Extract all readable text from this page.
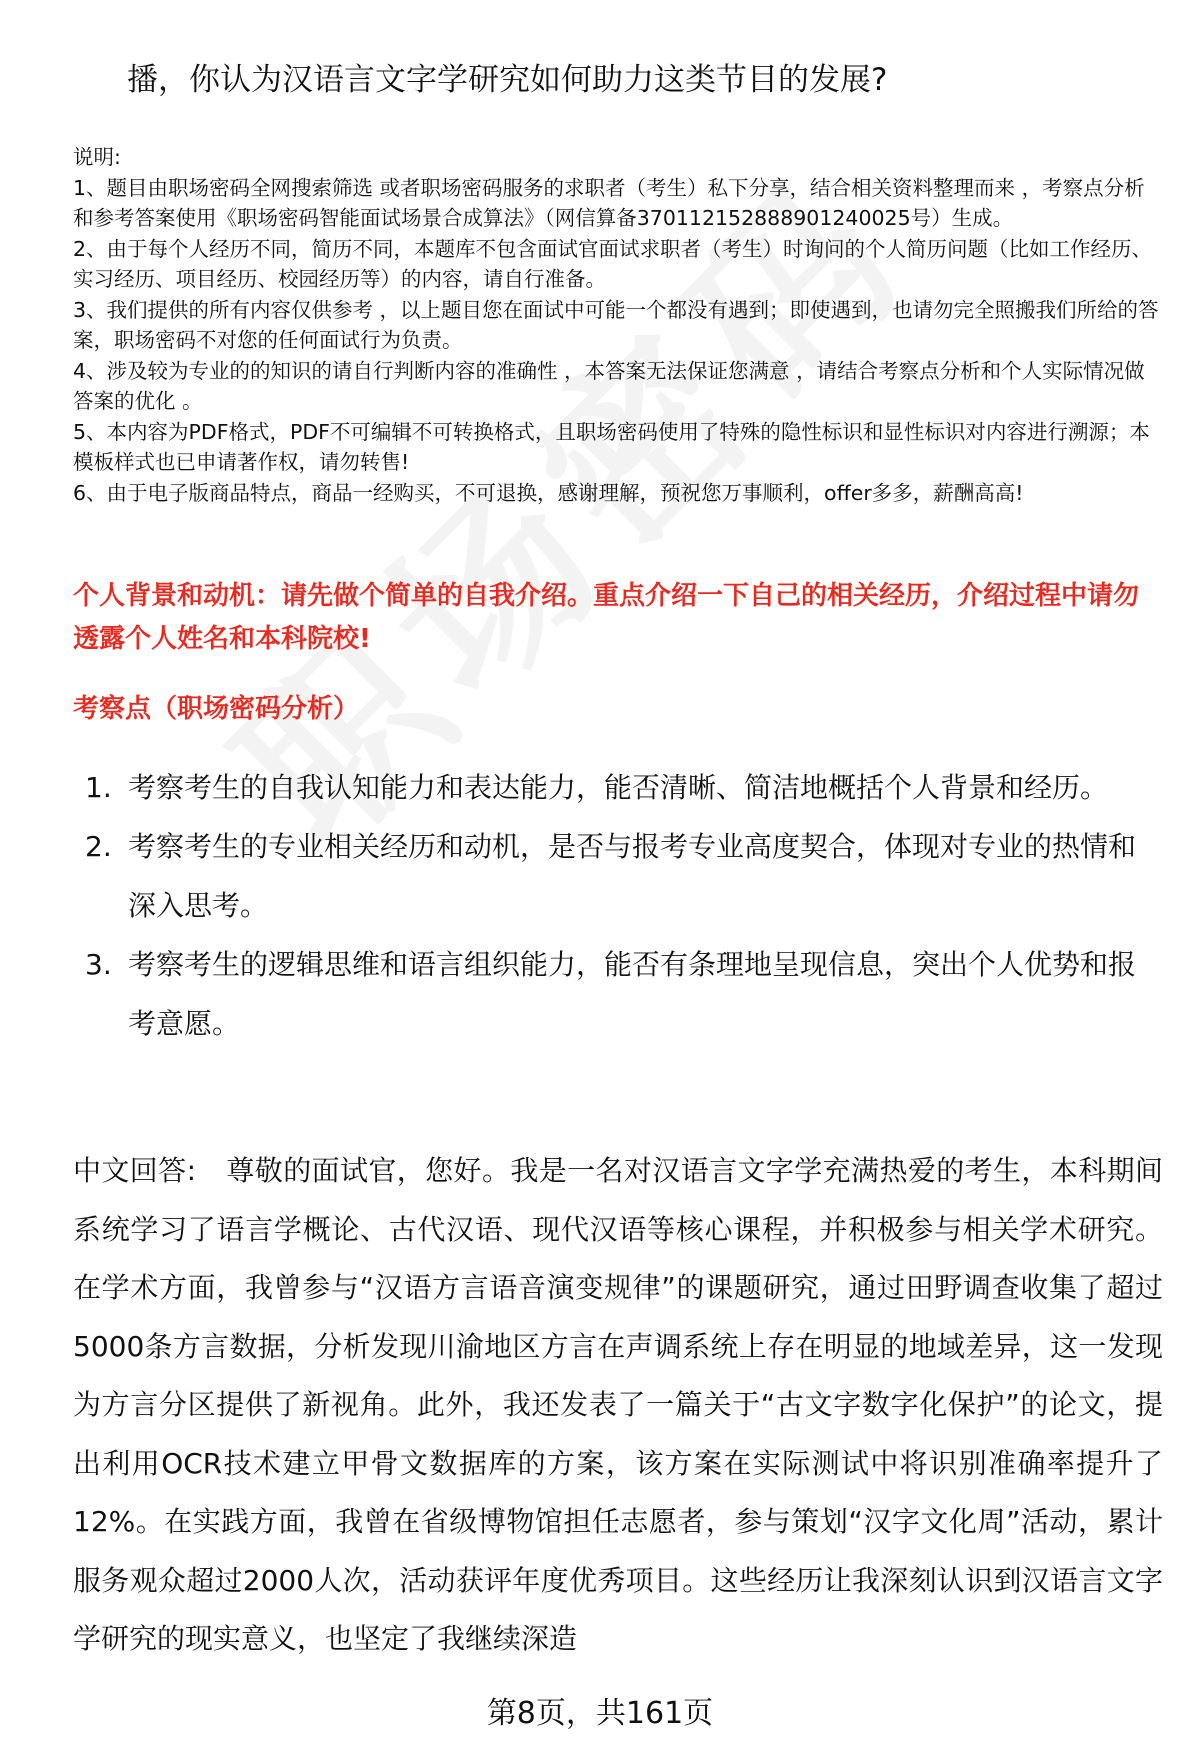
播，你认为汉语言文字学研究如何助力这类节目的发展?

说明:

1、题目由职场密码全网搜索筛选 或者职场密码服务的求职者（考生）私下分享，结合相关资料整理而来 ，考察点分析和参考答案使用《职场密码智能面试场景合成算法》（网信算备370112152888901240025号）生成。

2、由于每个人经历不同，简历不同，本题库不包含面试官面试求职者（考生）时询问的个人简历问题（比如工作经历、实习经历、项目经历、校园经历等）的内容，请自行准备。

3、我们提供的所有内容仅供参考 ，以上题目您在面试中可能一个都没有遇到；即使遇到，也请勿完全照搬我们所给的答案，职场密码不对您的任何面试行为负责。

4、涉及较为专业的的知识的请自行判断内容的准确性 ，本答案无法保证您满意 ，请结合考察点分析和个人实际情况做答案的优化 。

5、本内容为PDF格式，PDF不可编辑不可转换格式，且职场密码使用了特殊的隐性标识和显性标识对内容进行溯源；本模板样式也已申请著作权，请勿转售!

6、由于电子版商品特点，商品一经购买，不可退换，感谢理解，预祝您万事顺利，offer多多，薪酬高高!

个人背景和动机：请先做个简单的自我介绍。重点介绍一下自己的相关经历，介绍过程中请勿透露个人姓名和本科院校!
考察点（职场密码分析）
1. 考察考生的自我认知能力和表达能力，能否清晰、简洁地概括个人背景和经历。
2. 考察考生的专业相关经历和动机，是否与报考专业高度契合，体现对专业的热情和深入思考。
3. 考察考生的逻辑思维和语言组织能力，能否有条理地呈现信息，突出个人优势和报考意愿。
中文回答: 尊敬的面试官，您好。我是一名对汉语言文字学充满热爱的考生，本科期间系统学习了语言学概论、古代汉语、现代汉语等核心课程，并积极参与相关学术研究。在学术方面，我曾参与“汉语方言语音演变规律”的课题研究，通过田野调查收集了超过5000条方言数据，分析发现川渝地区方言在声调系统上存在明显的地域差异，这一发现为方言分区提供了新视角。此外，我还发表了一篇关于“古文字数字化保护”的论文，提出利用OCR技术建立甲骨文数据库的方案，该方案在实际测试中将识别准确率提升了12%。在实践方面，我曾在省级博物馆担任志愿者，参与策划“汉字文化周”活动，累计服务观众超过2000人次，活动获评年度优秀项目。这些经历让我深刻认识到汉语言文字学研究的现实意义，也坚定了我继续深造
第8页，共161页
